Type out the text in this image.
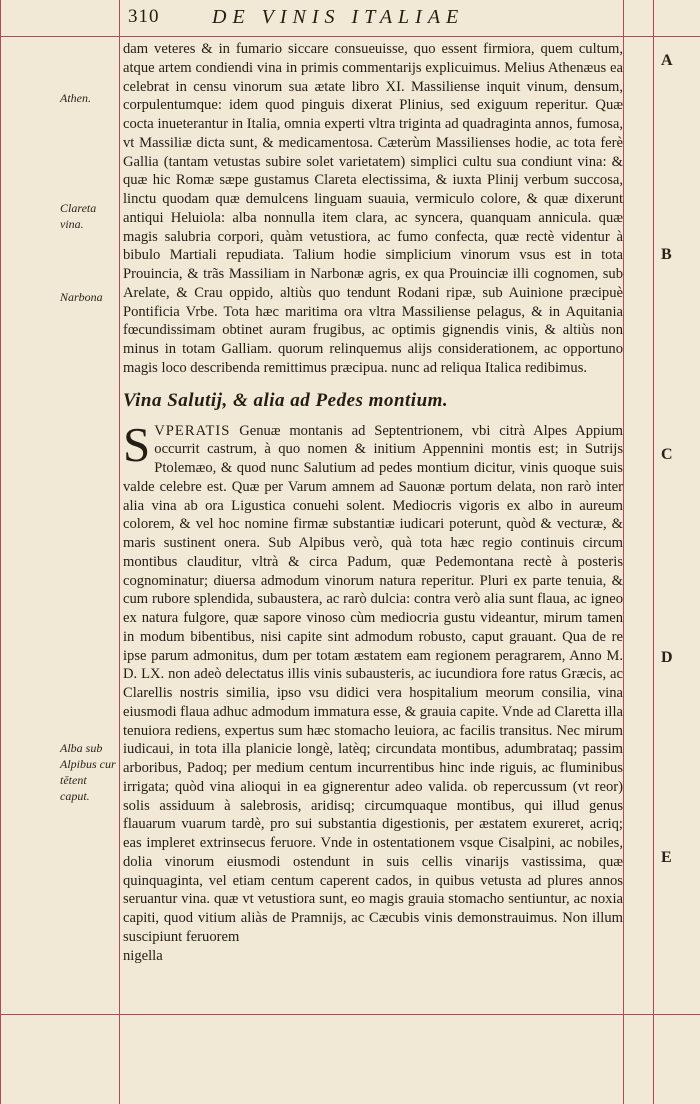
310	DE VINIS ITALIAE
Athen.
Clareta vina.
Narbona
Alba sub Alpibus cur tētent caput.
A
B
C
D
E

dam veteres & in fumario siccare consueuisse, quo essent firmiora, quem cultum, atque artem condiendi vina in primis commentarijs explicuimus. Melius Athenæus ea celebrat in censu vinorum sua ætate libro XI. Massiliense inquit vinum, densum, corpulentumque: idem quod pinguis dixerat Plinius, sed exiguum reperitur. Quæ cocta inueterantur in Italia, omnia experti vltra triginta ad quadraginta annos, fumosa, vt Massiliæ dicta sunt, & medicamentosa. Cæterùm Massilienses hodie, ac tota ferè Gallia (tantam vetustas subire solet varietatem) simplici cultu sua condiunt vina: & quæ hic Romæ sæpe gustamus Clareta electissima, & iuxta Plinij verbum succosa, linctu quodam quæ demulcens linguam suauia, vermiculo colore, & quæ dixerunt antiqui Heluiola: alba nonnulla item clara, ac syncera, quanquam annicula. quæ magis salubria corpori, quàm vetustiora, ac fumo confecta, quæ rectè videntur à bibulo Martiali repudiata. Talium hodie simplicium vinorum vsus est in tota Prouincia, & trãs Massiliam in Narbonæ agris, ex qua Prouinciæ illi cognomen, sub Arelate, & Crau oppido, altiùs quo tendunt Rodani ripæ, sub Auinione præcipuè Pontificia Vrbe. Tota hæc maritima ora vltra Massiliense pelagus, & in Aquitania fœcundissimam obtinet auram frugibus, ac optimis gignendis vinis, & altiùs non minus in totam Galliam. quorum relinquemus alijs considerationem, ac opportuno magis loco describenda remittimus præcipua. nunc ad reliqua Italica redibimus.

Vina Salutij, & alia ad Pedes montium.

SVPERATIS Genuæ montanis ad Septentrionem, vbi citrà Alpes Appium occurrit castrum, à quo nomen & initium Appennini montis est; in Sutrijs Ptolemæo, & quod nunc Salutium ad pedes montium dicitur, vinis quoque suis valde celebre est. Quæ per Varum amnem ad Sauonæ portum delata, non rarò inter alia vina ab ora Ligustica conuehi solent. Mediocris vigoris ex albo in aureum colorem, & vel hoc nomine firmæ substantiæ iudicari poterunt, quòd & vecturæ, & maris sustinent onera. Sub Alpibus verò, quà tota hæc regio continuis circum montibus clauditur, vltrà & circa Padum, quæ Pedemontana rectè à posteris cognominatur; diuersa admodum vinorum natura reperitur. Pluri ex parte tenuia, & cum rubore splendida, subaustera, ac rarò dulcia: contra verò alia sunt flaua, ac igneo ex natura fulgore, quæ sapore vinoso cùm mediocria gustu videantur, mirum tamen in modum bibentibus, nisi capite sint admodum robusto, caput grauant. Qua de re ipse parum admonitus, dum per totam æstatem eam regionem peragrarem, Anno M. D. LX. non adeò delectatus illis vinis subausteris, ac iucundiora fore ratus Græcis, ac Clarellis nostris similia, ipso vsu didici vera hospitalium meorum consilia, vina eiusmodi flaua adhuc admodum immatura esse, & grauia capite. Vnde ad Claretta illa tenuiora rediens, expertus sum hæc stomacho leuiora, ac facilis transitus. Nec mirum iudicaui, in tota illa planicie longè, latèq; circundata montibus, adumbrataq; passim arboribus, Padoq; per medium centum incurrentibus hinc inde riguis, ac fluminibus irrigata; quòd vina alioqui in ea gignerentur adeo valida. ob repercussum (vt reor) solis assiduum à salebrosis, aridisq; circumquaque montibus, qui illud genus flauarum vuarum tardè, pro sui substantia digestionis, per æstatem exureret, acriq; eas impleret extrinsecus feruore. Vnde in ostentationem vsque Cisalpini, ac nobiles, dolia vinorum eiusmodi ostendunt in suis cellis vinarijs vastissima, quæ quinquaginta, vel etiam centum caperent cados, in quibus vetusta ad plures annos seruantur vina. quæ vt vetustiora sunt, eo magis grauia stomacho sentiuntur, ac noxia capiti, quod vitium aliàs de Pramnijs, ac Cæcubis vinis demonstrauimus. Non illum suscipiunt feruorem

nigella
